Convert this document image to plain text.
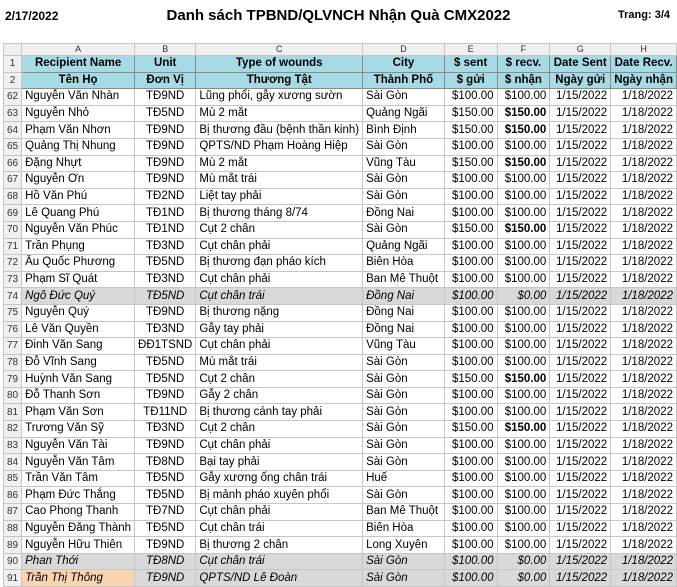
2/17/2022	Danh sách TPBND/QLVNCH Nhận Quà CMX2022	Trang: 3/4
	A	B	C	D	E	F	G	H
1	Recipient Name	Unit	Type of wounds	City	$ sent	$ recv.	Date Sent	Date Recv.
2	Tên Họ	Đơn Vị	Thương Tật	Thành Phố	$ gửi	$ nhận	Ngày gửi	Ngày nhận
62	Nguyễn Văn Nhàn	TĐ9ND	Lũng phổi, gẫy xương sườn	Sài Gòn	$100.00	$100.00	1/15/2022	1/18/2022
63	Nguyễn Nhỏ	TĐ5ND	Mù 2 mắt	Quảng Ngãi	$150.00	$150.00	1/15/2022	1/18/2022
64	Phạm Văn Nhơn	TĐ9ND	Bị thương đầu (bệnh thần kinh)	Bình Định	$150.00	$150.00	1/15/2022	1/18/2022
65	Quảng Thị Nhung	TĐ9ND	QPTS/ND Phạm Hoàng Hiệp	Sài Gòn	$100.00	$100.00	1/15/2022	1/18/2022
66	Đặng Nhựt	TĐ9ND	Mù 2 mắt	Vũng Tàu	$150.00	$150.00	1/15/2022	1/18/2022
67	Nguyễn Ơn	TĐ9ND	Mù mắt trái	Sài Gòn	$100.00	$100.00	1/15/2022	1/18/2022
68	Hồ Văn Phú	TĐ2ND	Liệt tay phải	Sài Gòn	$100.00	$100.00	1/15/2022	1/18/2022
69	Lê Quang Phú	TĐ1ND	Bị thương tháng 8/74	Đồng Nai	$100.00	$100.00	1/15/2022	1/18/2022
70	Nguyễn Văn Phúc	TĐ1ND	Cụt 2 chân	Sài Gòn	$150.00	$150.00	1/15/2022	1/18/2022
71	Trần Phụng	TĐ3ND	Cụt chân phải	Quảng Ngãi	$100.00	$100.00	1/15/2022	1/18/2022
72	Âu Quốc Phương	TĐ5ND	Bị thương đạn pháo kích	Biên Hòa	$100.00	$100.00	1/15/2022	1/18/2022
73	Phạm Sĩ Quát	TĐ3ND	Cụt chân phải	Ban Mê Thuột	$100.00	$100.00	1/15/2022	1/18/2022
74	Ngô Đức Quý	TĐ5ND	Cụt chân trái	Đồng Nai	$100.00	$0.00	1/15/2022	1/18/2022
75	Nguyễn Quý	TĐ9ND	Bị thương nặng	Đồng Nai	$100.00	$100.00	1/15/2022	1/18/2022
76	Lê Văn Quyền	TĐ3ND	Gẫy tay phải	Đồng Nai	$100.00	$100.00	1/15/2022	1/18/2022
77	Đinh Văn Sang	ĐĐ1TSND	Cụt chân phải	Vũng Tàu	$100.00	$100.00	1/15/2022	1/18/2022
78	Đỗ Vĩnh Sang	TĐ5ND	Mù mắt trái	Sài Gòn	$100.00	$100.00	1/15/2022	1/18/2022
79	Huỳnh Văn Sang	TĐ5ND	Cụt 2 chân	Sài Gòn	$150.00	$150.00	1/15/2022	1/18/2022
80	Đỗ Thanh Sơn	TĐ9ND	Gẫy 2 chân	Sài Gòn	$100.00	$100.00	1/15/2022	1/18/2022
81	Phạm Văn Sơn	TĐ11ND	Bị thương cánh tay phải	Sài Gòn	$100.00	$100.00	1/15/2022	1/18/2022
82	Trương Văn Sỹ	TĐ3ND	Cụt 2 chân	Sài Gòn	$150.00	$150.00	1/15/2022	1/18/2022
83	Nguyễn Văn Tài	TĐ9ND	Cụt chân phải	Sài Gòn	$100.00	$100.00	1/15/2022	1/18/2022
84	Nguyễn Văn Tâm	TĐ8ND	Bại tay phải	Sài Gòn	$100.00	$100.00	1/15/2022	1/18/2022
85	Trần Văn Tâm	TĐ5ND	Gẫy xương ống chân trái	Huế	$100.00	$100.00	1/15/2022	1/18/2022
86	Phạm Đức Thắng	TĐ5ND	Bị mảnh pháo xuyên phổi	Sài Gòn	$100.00	$100.00	1/15/2022	1/18/2022
87	Cao Phong Thanh	TĐ7ND	Cụt chân phải	Ban Mê Thuột	$100.00	$100.00	1/15/2022	1/18/2022
88	Nguyễn Đăng Thành	TĐ5ND	Cụt chân trái	Biên Hòa	$100.00	$100.00	1/15/2022	1/18/2022
89	Nguyễn Hữu Thiên	TĐ9ND	Bị thương 2 chân	Long Xuyên	$100.00	$100.00	1/15/2022	1/18/2022
90	Phan Thới	TĐ8ND	Cụt chân trái	Sài Gòn	$100.00	$0.00	1/15/2022	1/18/2022
91	Trần Thị Thông	TĐ9ND	QPTS/ND Lê Đoàn	Sài Gòn	$100.00	$0.00	1/15/2022	1/18/2022
